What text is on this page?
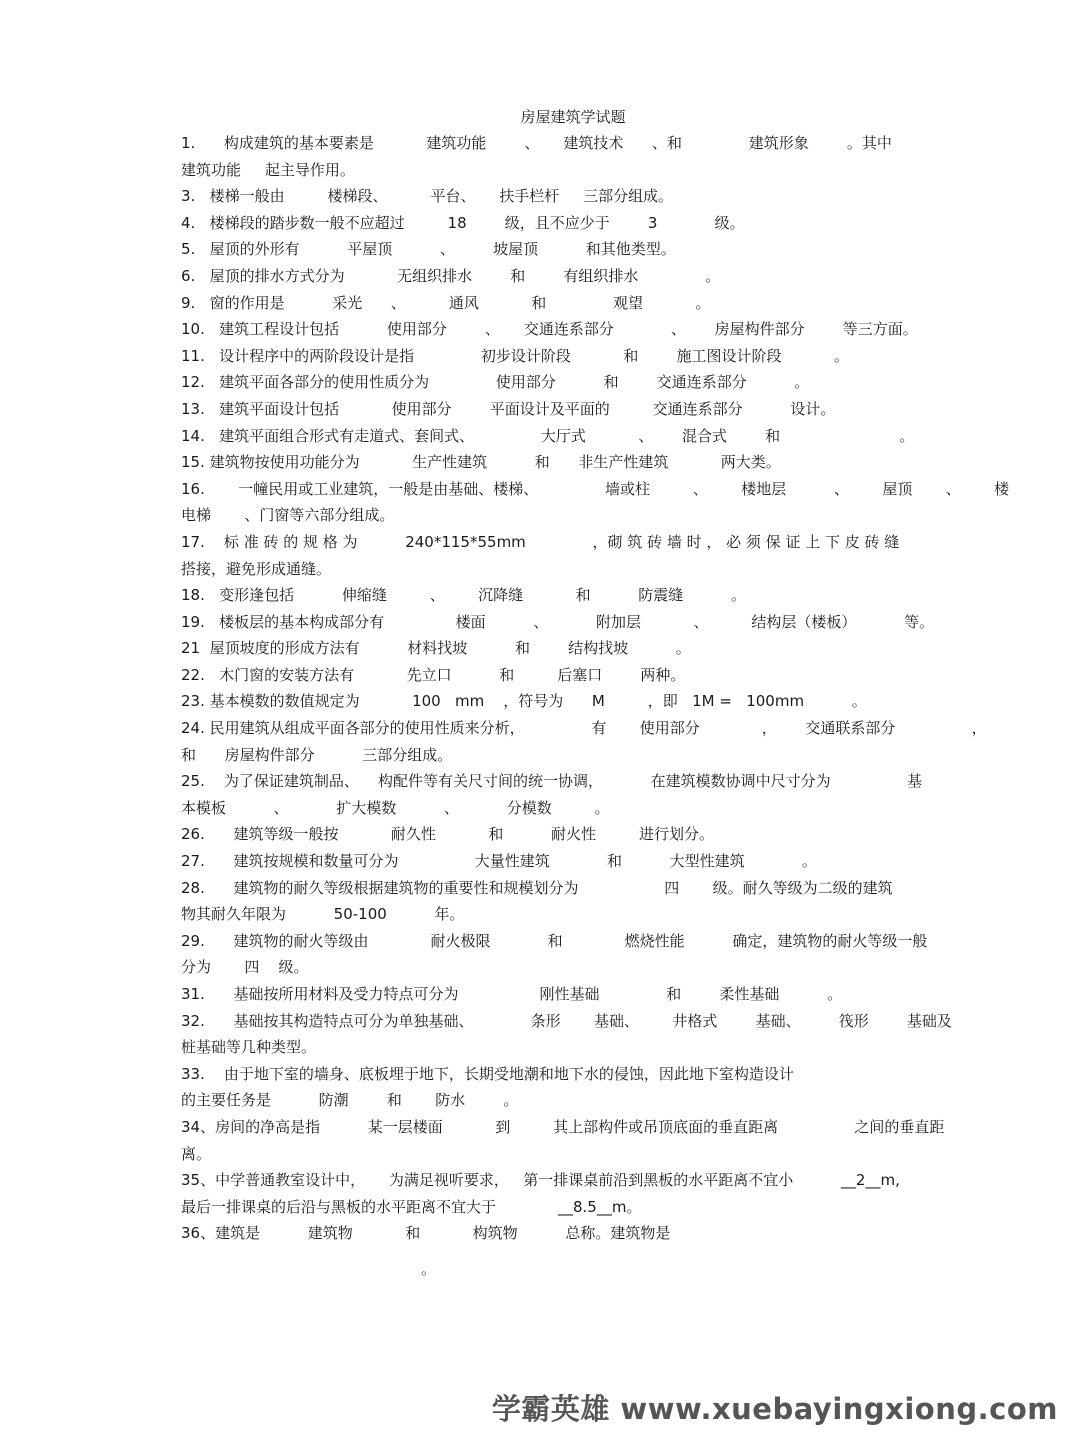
房屋建筑学试题
1.      构成建筑的基本要素是           建筑功能        、     建筑技术      、和              建筑形象        。其中
建筑功能     起主导作用。
3.   楼梯一般由         楼梯段、         平台、     扶手栏杆     三部分组成。
4.   楼梯段的踏步数一般不应超过         18        级，且不应少于        3            级。
5.   屋顶的外形有          平屋顶          、        坡屋顶          和其他类型。
6.   屋顶的排水方式分为           无组织排水        和        有组织排水              。
9.   窗的作用是          采光      、         通风           和              观望           。
10.   建筑工程设计包括          使用部分        、     交通连系部分            、      房屋构件部分        等三方面。
11.   设计程序中的两阶段设计是指              初步设计阶段           和        施工图设计阶段           。
12.   建筑平面各部分的使用性质分为              使用部分          和        交通连系部分          。
13.   建筑平面设计包括           使用部分        平面设计及平面的         交通连系部分          设计。
14.   建筑平面组合形式有走道式、套间式、              大厅式           、      混合式        和                         。
15. 建筑物按使用功能分为           生产性建筑          和      非生产性建筑           两大类。
16.       一幢民用或工业建筑，一般是由基础、楼梯、              墙或柱         、       楼地层          、       屋顶       、       楼
电梯       、门窗等六部分组成。
17.    标 准 砖 的 规 格 为          240*115*55mm              ，砌 筑 砖 墙 时 ， 必 须 保 证 上 下 皮 砖 缝
搭接，避免形成通缝。
18.   变形逢包括          伸缩缝         、       沉降缝           和          防震缝          。
19.   楼板层的基本构成部分有               楼面          、          附加层           、         结构层（楼板）          等。
21  屋顶坡度的形成方法有          材料找坡          和        结构找坡          。
22.   木门窗的安装方法有           先立口          和         后塞口        两种。
23. 基本模数的数值规定为           100   mm    ，符号为      M         ，即   1M =   100mm          。
24. 民用建筑从组成平面各部分的使用性质来分析，              有       使用部分             ，      交通联系部分                ，
和      房屋构件部分          三部分组成。
25.    为了保证建筑制品、    构配件等有关尺寸间的统一协调，          在建筑模数协调中尺寸分为                基
本模板          、          扩大模数          、          分模数         。
26.      建筑等级一般按           耐久性           和          耐火性         进行划分。
27.      建筑按规模和数量可分为                大量性建筑            和          大型性建筑            。
28.      建筑物的耐久等级根据建筑物的重要性和规模划分为                  四       级。耐久等级为二级的建筑
物其耐久年限为          50-100          年。
29.      建筑物的耐火等级由             耐火极限            和             燃烧性能          确定，建筑物的耐火等级一般
分为       四    级。
31.      基础按所用材料及受力特点可分为                 刚性基础              和        柔性基础          。
32.      基础按其构造特点可分为单独基础、            条形       基础、       井格式        基础、        筏形        基础及
桩基础等几种类型。
33.    由于地下室的墙身、底板埋于地下，长期受地潮和地下水的侵蚀，因此地下室构造设计
的主要任务是          防潮        和       防水        。
34、房间的净高是指          某一层楼面           到         其上部构件或吊顶底面的垂直距离                之间的垂直距
离。
35、中学普通教室设计中，     为满足视听要求，   第一排课桌前沿到黑板的水平距离不宜小          __2__m,
最后一排课桌的后沿与黑板的水平距离不宜大于             __8.5__m。
36、建筑是          建筑物           和           构筑物          总称。建筑物是
。
学霸英雄 www.xuebayingxiong.com
